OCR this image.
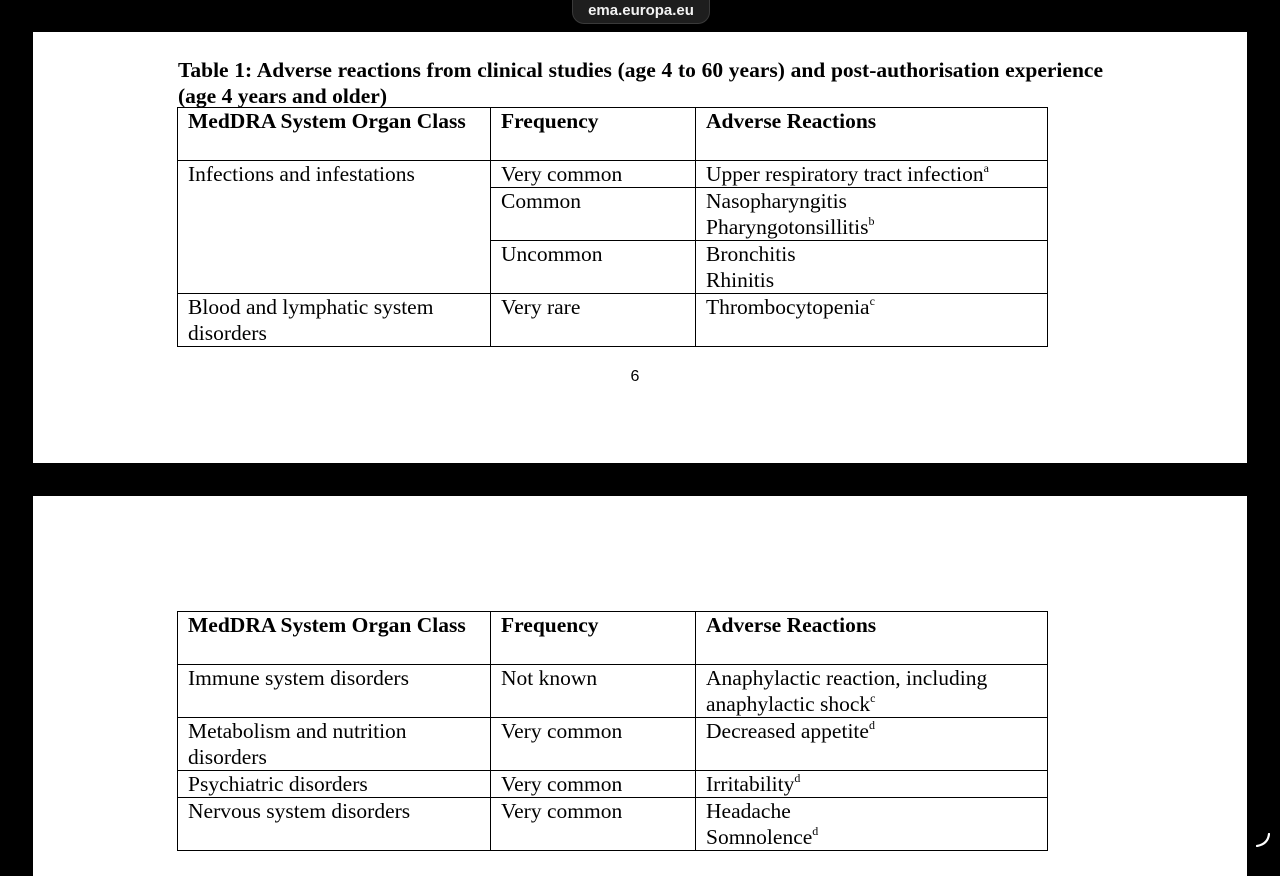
ema.europa.eu
Table 1: Adverse reactions from clinical studies (age 4 to 60 years) and post-authorisation experience (age 4 years and older)
MedDRA System Organ Class	Frequency	Adverse Reactions
Infections and infestations	Very common	Upper respiratory tract infection$^a$

	Common	Nasopharyngitis
Pharyngotonsillitis$^b$

	Uncommon	Bronchitis
Rhinitis

Blood and lymphatic system disorders	Very rare	Thrombocytopenia$^c$
6
MedDRA System Organ Class	Frequency	Adverse Reactions
Immune system disorders	Not known	Anaphylactic reaction, including anaphylactic shock$^c$

Metabolism and nutrition disorders	Very common	Decreased appetite$^d$

Psychiatric disorders	Very common	Irritability$^d$

Nervous system disorders	Very common	Headache
Somnolence$^d$
